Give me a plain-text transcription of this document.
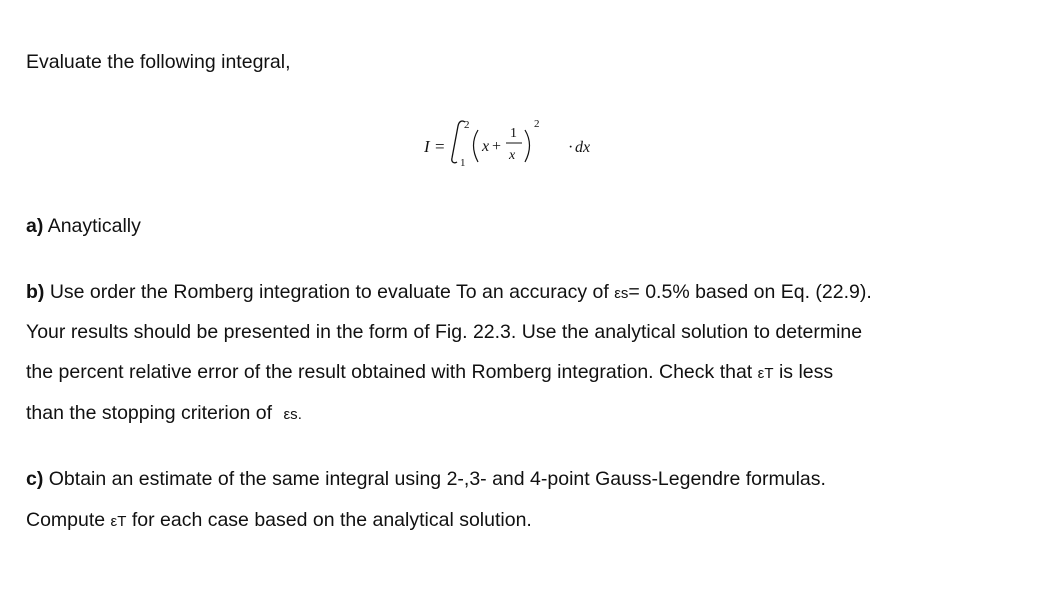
Evaluate the following integral,
I =
2
1
x +
1
x
2
· dx
a) Anaytically
b) Use order the Romberg integration to evaluate To an accuracy of εs= 0.5% based on Eq. (22.9).
Your results should be presented in the form of Fig. 22.3. Use the analytical solution to determine
the percent relative error of the result obtained with Romberg integration. Check that εT is less
than the stopping criterion of εs.
c) Obtain an estimate of the same integral using 2-,3- and 4-point Gauss-Legendre formulas.
Compute εT for each case based on the analytical solution.
